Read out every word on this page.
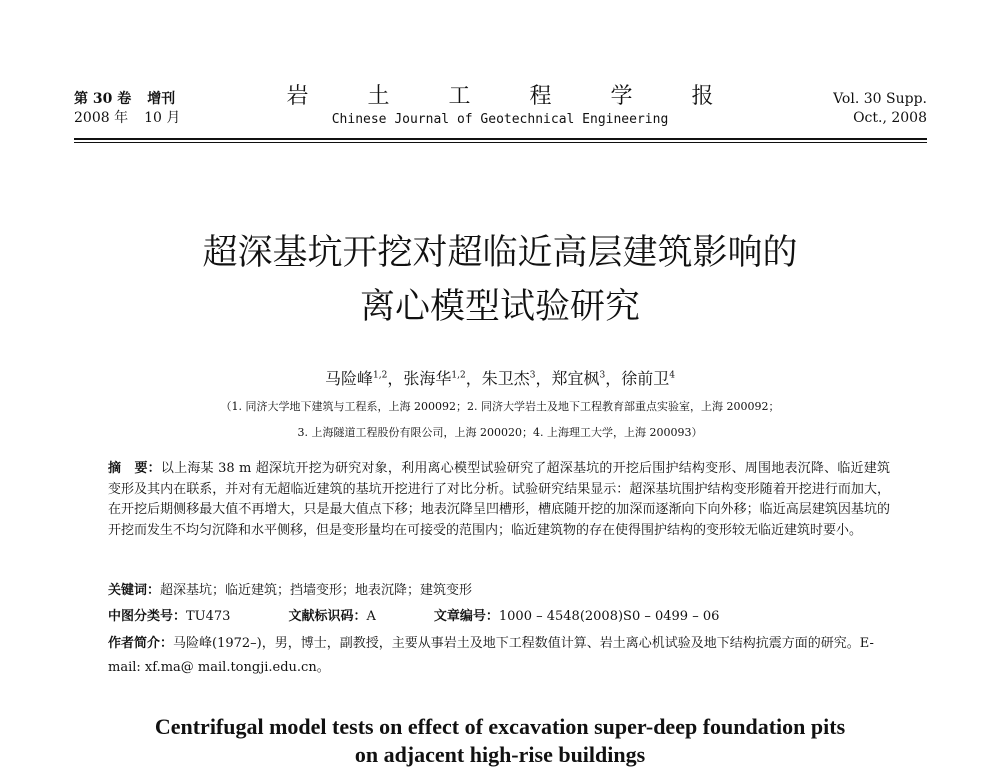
第 30 卷 增刊
2008 年 10 月
岩 土 工 程 学 报
Chinese Journal of Geotechnical Engineering
Vol. 30 Supp.
Oct., 2008
超深基坑开挖对超临近高层建筑影响的
离心模型试验研究
马险峰$^{1,2}$，张海华$^{1,2}$，朱卫杰$^3$，郑宜枫$^3$，徐前卫$^4$
（1. 同济大学地下建筑与工程系，上海 200092；2. 同济大学岩土及地下工程教育部重点实验室，上海 200092；
3. 上海隧道工程股份有限公司，上海 200020；4. 上海理工大学，上海 200093）
摘　要：以上海某 38 m 超深坑开挖为研究对象，利用离心模型试验研究了超深基坑的开挖后围护结构变形、周围地表沉降、临近建筑变形及其内在联系，并对有无超临近建筑的基坑开挖进行了对比分析。试验研究结果显示：超深基坑围护结构变形随着开挖进行而加大，在开挖后期侧移最大值不再增大，只是最大值点下移；地表沉降呈凹槽形，槽底随开挖的加深而逐渐向下向外移；临近高层建筑因基坑的开挖而发生不均匀沉降和水平侧移，但是变形量均在可接受的范围内；临近建筑物的存在使得围护结构的变形较无临近建筑时要小。
关键词：超深基坑；临近建筑；挡墙变形；地表沉降；建筑变形
中图分类号：TU473	文献标识码：A	文章编号：1000 – 4548(2008)S0 – 0499 – 06
作者简介：马险峰(1972–)，男，博士，副教授，主要从事岩土及地下工程数值计算、岩土离心机试验及地下结构抗震方面的研究。E-mail: xf.ma@ mail.tongji.edu.cn。
Centrifugal model tests on effect of excavation super-deep foundation pits
on adjacent high-rise buildings
